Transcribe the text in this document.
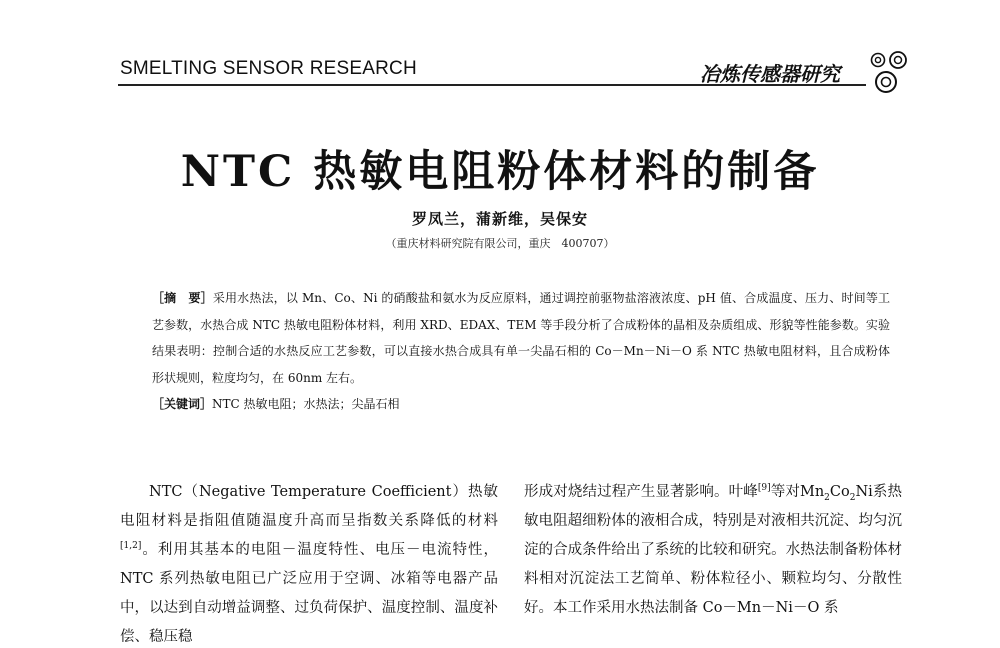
SMELTING SENSOR RESEARCH	冶炼传感器研究
NTC 热敏电阻粉体材料的制备
罗凤兰，蒲新维，吴保安
（重庆材料研究院有限公司，重庆　400707）
［摘　要］采用水热法，以 Mn、Co、Ni 的硝酸盐和氨水为反应原料，通过调控前驱物盐溶液浓度、pH 值、合成温度、压力、时间等工艺参数，水热合成 NTC 热敏电阻粉体材料，利用 XRD、EDAX、TEM 等手段分析了合成粉体的晶相及杂质组成、形貌等性能参数。实验结果表明：控制合适的水热反应工艺参数，可以直接水热合成具有单一尖晶石相的 Co－Mn－Ni－O 系 NTC 热敏电阻材料，且合成粉体形状规则，粒度均匀，在 60nm 左右。
［关键词］NTC 热敏电阻；水热法；尖晶石相

NTC（Negative Temperature Coefficient）热敏电阻材料是指阻值随温度升高而呈指数关系降低的材料[1,2]。利用其基本的电阻－温度特性、电压－电流特性，NTC 系列热敏电阻已广泛应用于空调、冰箱等电器产品中，以达到自动增益调整、过负荷保护、温度控制、温度补偿、稳压稳

形成对烧结过程产生显著影响。叶峰[9]等对$Mn_2Co_2Ni$系热敏电阻超细粉体的液相合成，特别是对液相共沉淀、均匀沉淀的合成条件给出了系统的比较和研究。水热法制备粉体材料相对沉淀法工艺简单、粉体粒径小、颗粒均匀、分散性好。本工作采用水热法制备 Co－Mn－Ni－O 系
